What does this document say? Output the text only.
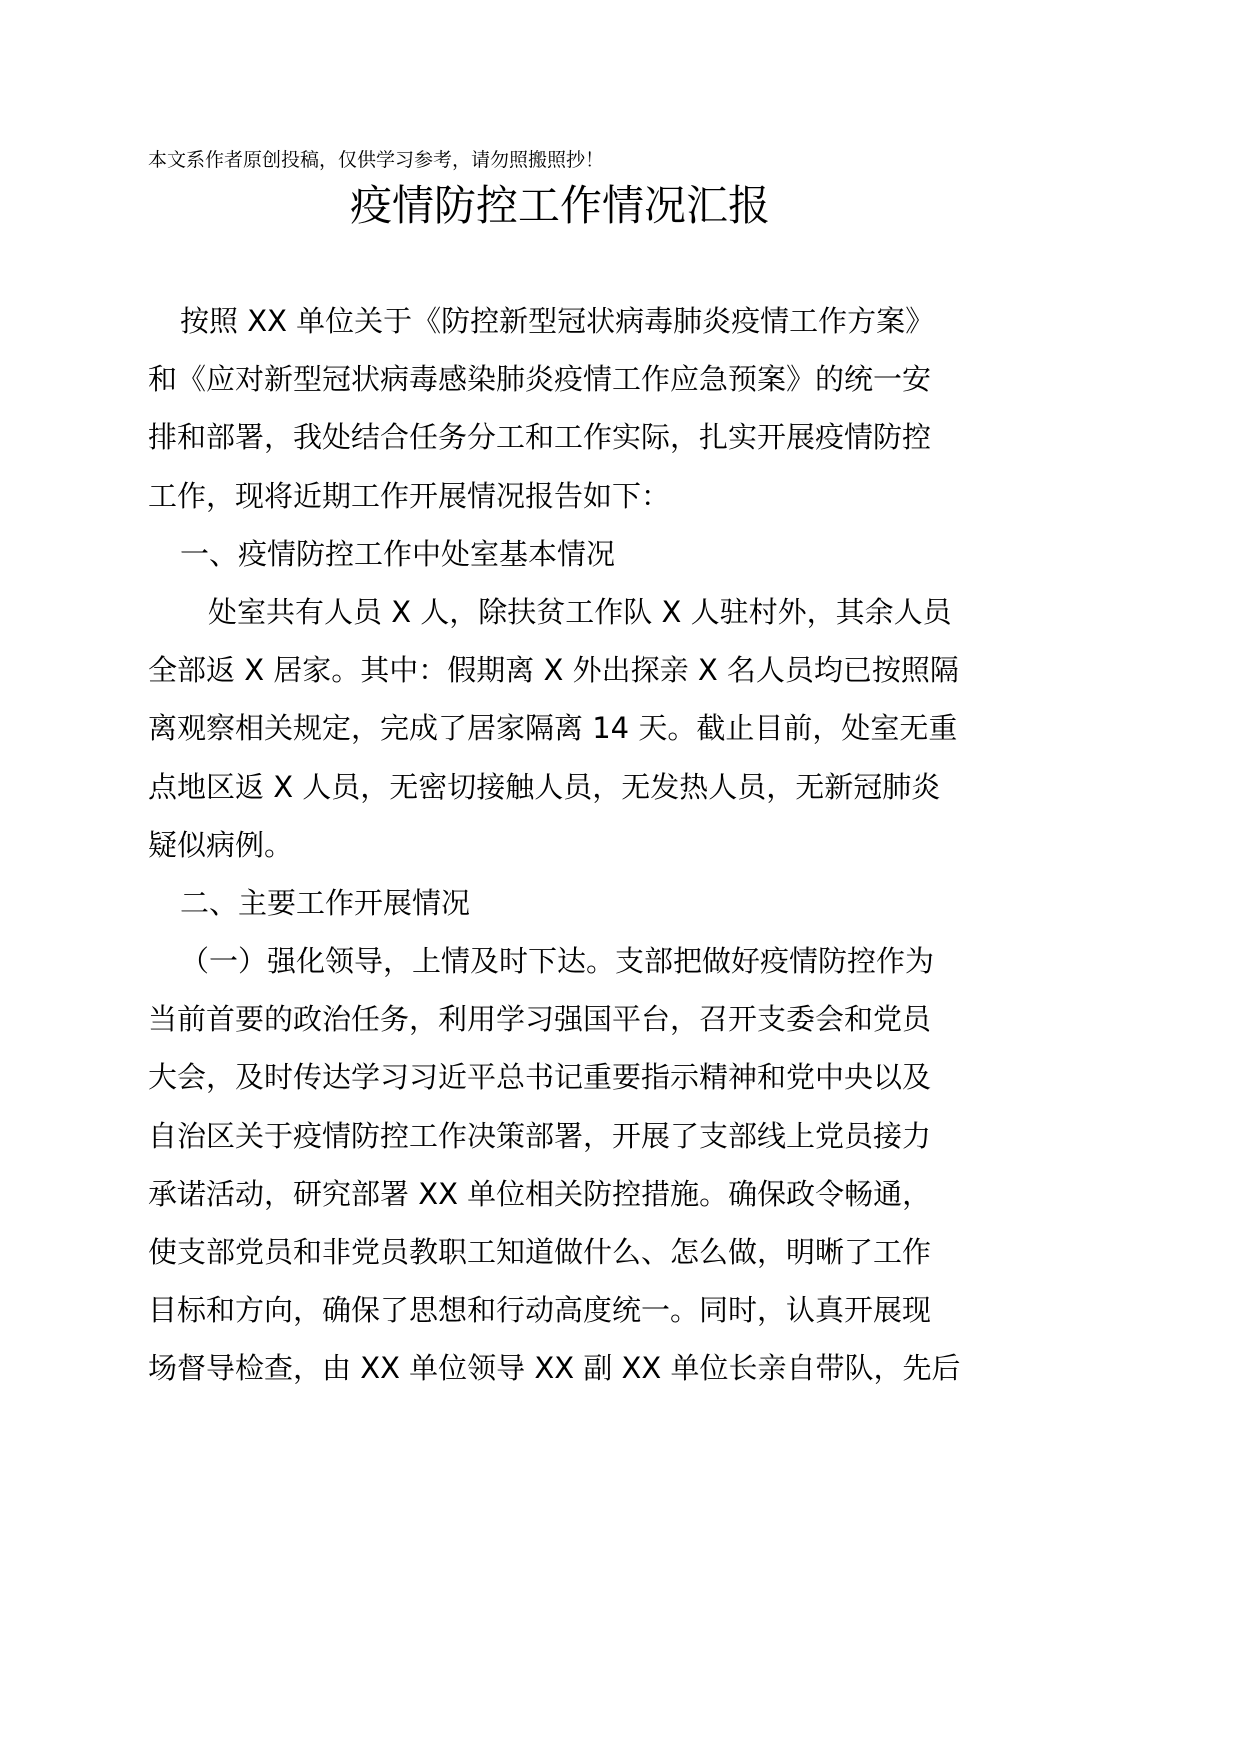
本文系作者原创投稿，仅供学习参考，请勿照搬照抄！
疫情防控工作情况汇报
按照 XX 单位关于《防控新型冠状病毒肺炎疫情工作方案》
和《应对新型冠状病毒感染肺炎疫情工作应急预案》的统一安
排和部署，我处结合任务分工和工作实际，扎实开展疫情防控
工作，现将近期工作开展情况报告如下：
一、疫情防控工作中处室基本情况
处室共有人员 X 人，除扶贫工作队 X 人驻村外，其余人员
全部返 X 居家。其中：假期离 X 外出探亲 X 名人员均已按照隔
离观察相关规定，完成了居家隔离 14 天。截止目前，处室无重
点地区返 X 人员，无密切接触人员，无发热人员，无新冠肺炎
疑似病例。
二、主要工作开展情况
（一）强化领导，上情及时下达。支部把做好疫情防控作为
当前首要的政治任务，利用学习强国平台，召开支委会和党员
大会，及时传达学习习近平总书记重要指示精神和党中央以及
自治区关于疫情防控工作决策部署，开展了支部线上党员接力
承诺活动，研究部署 XX 单位相关防控措施。确保政令畅通，
使支部党员和非党员教职工知道做什么、怎么做，明晰了工作
目标和方向，确保了思想和行动高度统一。同时，认真开展现
场督导检查，由 XX 单位领导 XX 副 XX 单位长亲自带队，先后
